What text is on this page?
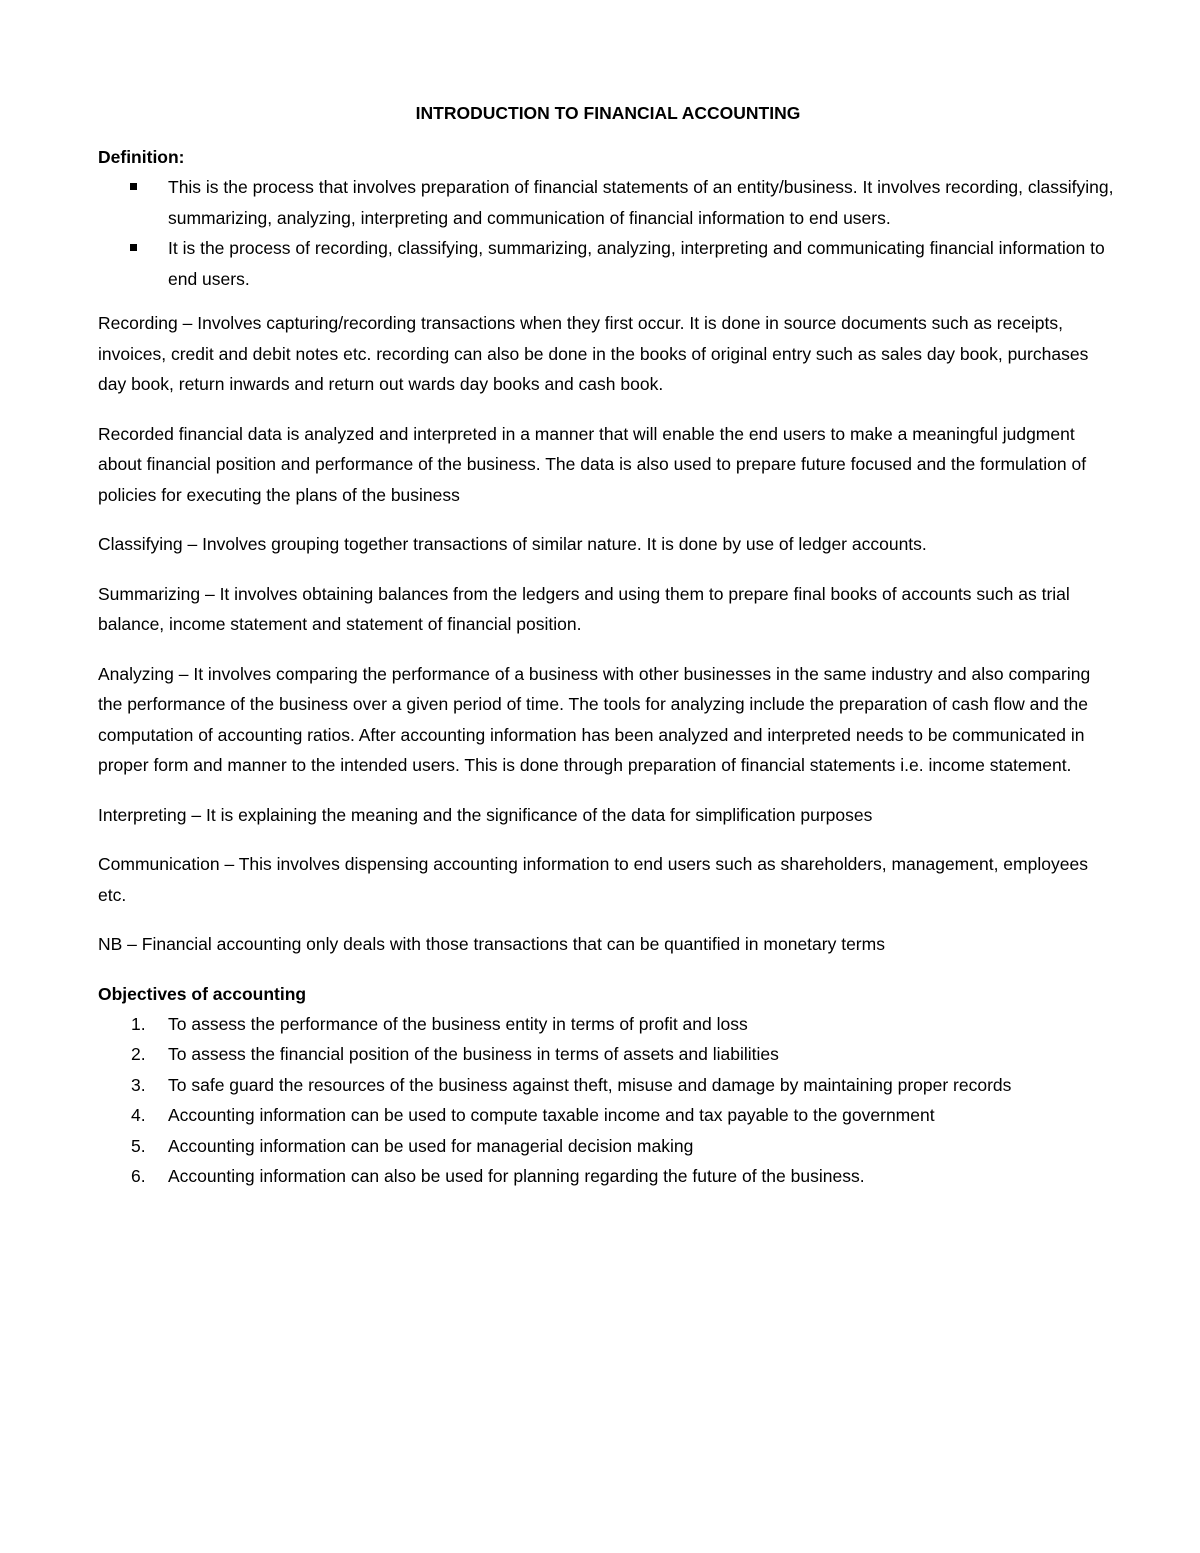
INTRODUCTION TO FINANCIAL ACCOUNTING
Definition:
This is the process that involves preparation of financial statements of an entity/business. It involves recording, classifying, summarizing, analyzing, interpreting and communication of financial information to end users.
It is the process of recording, classifying, summarizing, analyzing, interpreting and communicating financial information to end users.

Recording – Involves capturing/recording transactions when they first occur. It is done in source documents such as receipts, invoices, credit and debit notes etc. recording can also be done in the books of original entry such as sales day book, purchases day book, return inwards and return out wards day books and cash book.

Recorded financial data is analyzed and interpreted in a manner that will enable the end users to make a meaningful judgment about financial position and performance of the business. The data is also used to prepare future focused and the formulation of policies for executing the plans of the business

Classifying – Involves grouping together transactions of similar nature. It is done by use of ledger accounts.

Summarizing – It involves obtaining balances from the ledgers and using them to prepare final books of accounts such as trial balance, income statement and statement of financial position.

Analyzing – It involves comparing the performance of a business with other businesses in the same industry and also comparing the performance of the business over a given period of time. The tools for analyzing include the preparation of cash flow and the computation of accounting ratios. After accounting information has been analyzed and interpreted needs to be communicated in proper form and manner to the intended users. This is done through preparation of financial statements i.e. income statement.

Interpreting – It is explaining the meaning and the significance of the data for simplification purposes

Communication – This involves dispensing accounting information to end users such as shareholders, management, employees etc.

NB – Financial accounting only deals with those transactions that can be quantified in monetary terms

Objectives of accounting
1. To assess the performance of the business entity in terms of profit and loss
2. To assess the financial position of the business in terms of assets and liabilities
3. To safe guard the resources of the business against theft, misuse and damage by maintaining proper records
4. Accounting information can be used to compute taxable income and tax payable to the government
5. Accounting information can be used for managerial decision making
6. Accounting information can also be used for planning regarding the future of the business.
